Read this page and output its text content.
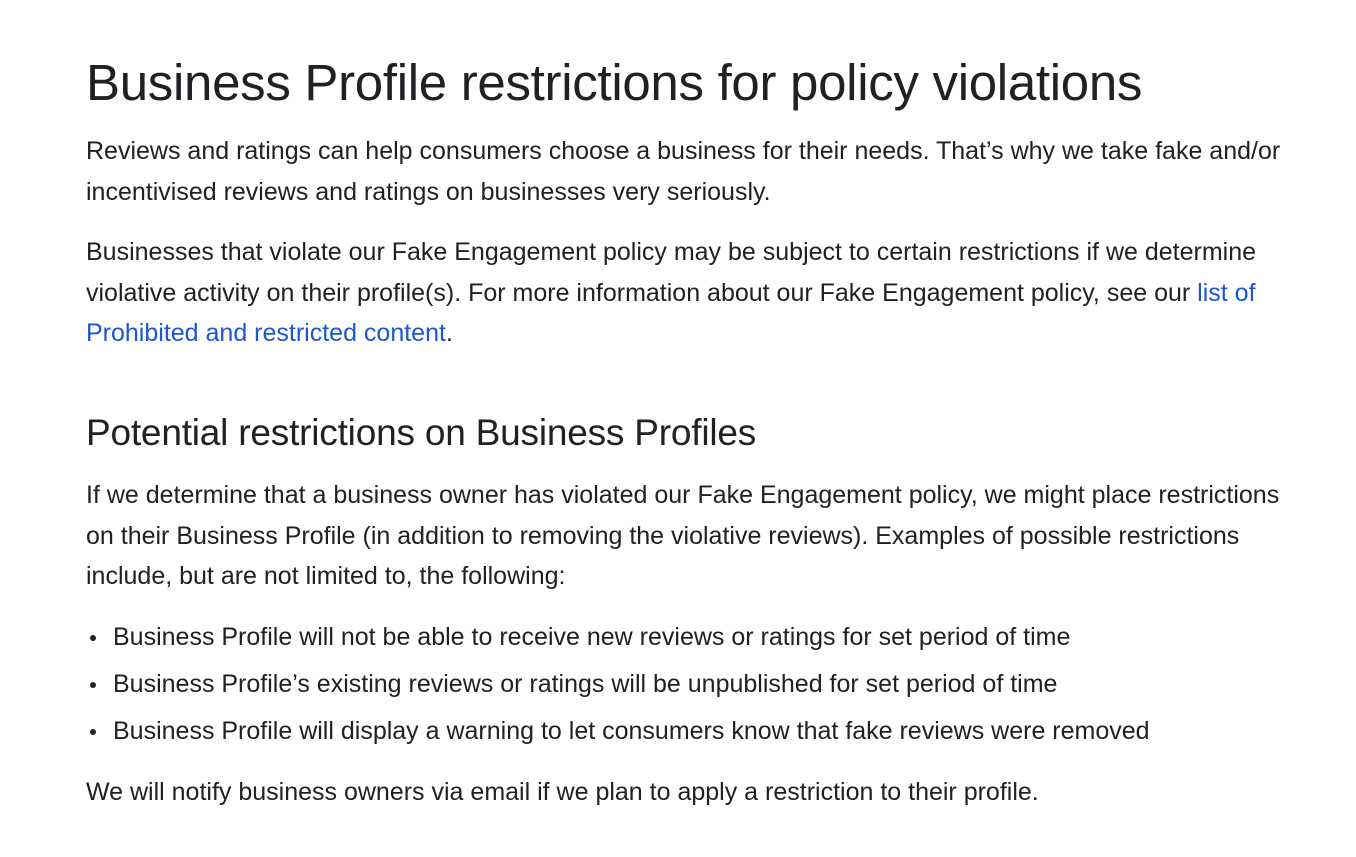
Business Profile restrictions for policy violations

Reviews and ratings can help consumers choose a business for their needs. That’s why we take fake and/or incentivised reviews and ratings on businesses very seriously.

Businesses that violate our Fake Engagement policy may be subject to certain restrictions if we determine violative activity on their profile(s). For more information about our Fake Engagement policy, see our list of Prohibited and restricted content.

Potential restrictions on Business Profiles

If we determine that a business owner has violated our Fake Engagement policy, we might place restrictions on their Business Profile (in addition to removing the violative reviews). Examples of possible restrictions include, but are not limited to, the following:

Business Profile will not be able to receive new reviews or ratings for set period of time
Business Profile’s existing reviews or ratings will be unpublished for set period of time
Business Profile will display a warning to let consumers know that fake reviews were removed

We will notify business owners via email if we plan to apply a restriction to their profile.
